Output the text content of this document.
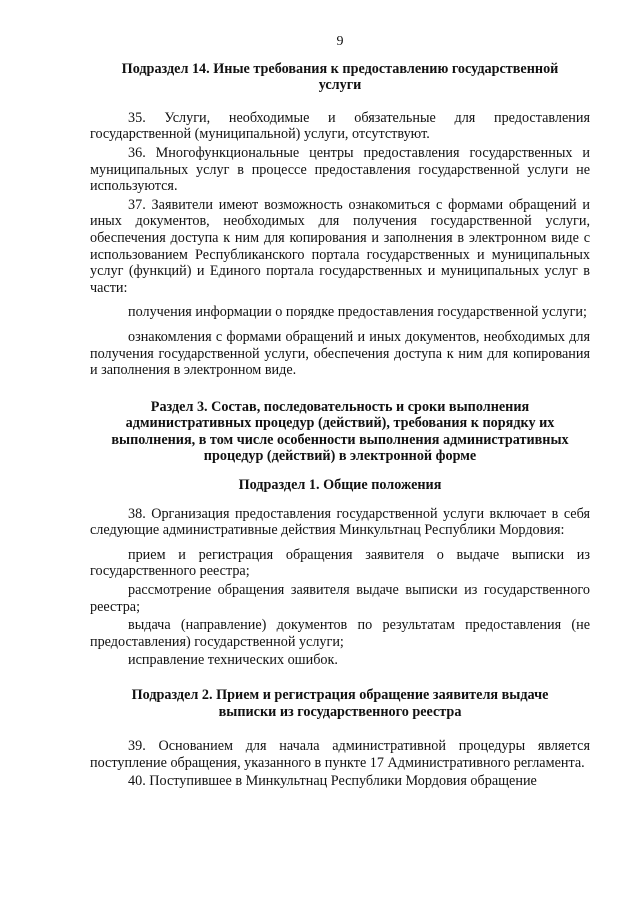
9
Подраздел 14. Иные требования к предоставлению государственной услуги

35. Услуги, необходимые и обязательные для предоставления государственной (муниципальной) услуги, отсутствуют.

36. Многофункциональные центры предоставления государственных и муниципальных услуг в процессе предоставления государственной услуги не используются.

37. Заявители имеют возможность ознакомиться с формами обращений и иных документов, необходимых для получения государственной услуги, обеспечения доступа к ним для копирования и заполнения в электронном виде с использованием Республиканского портала государственных и муниципальных услуг (функций) и Единого портала государственных и муниципальных услуг в части:

получения информации о порядке предоставления государственной услуги;

ознакомления с формами обращений и иных документов, необходимых для получения государственной услуги, обеспечения доступа к ним для копирования и заполнения в электронном виде.

Раздел 3. Состав, последовательность и сроки выполнения административных процедур (действий), требования к порядку их выполнения, в том числе особенности выполнения административных процедур (действий) в электронной форме
Подраздел 1. Общие положения

38. Организация предоставления государственной услуги включает в себя следующие административные действия Минкультнац Республики Мордовия:

прием и регистрация обращения заявителя о выдаче выписки из государственного реестра;

рассмотрение обращения заявителя выдаче выписки из государственного реестра;

выдача (направление) документов по результатам предоставления (не предоставления) государственной услуги;

исправление технических ошибок.

Подраздел 2. Прием и регистрация обращение заявителя выдаче выписки из государственного реестра

39. Основанием для начала административной процедуры является поступление обращения, указанного в пункте 17 Административного регламента.

40. Поступившее в Минкультнац Республики Мордовия обращение
